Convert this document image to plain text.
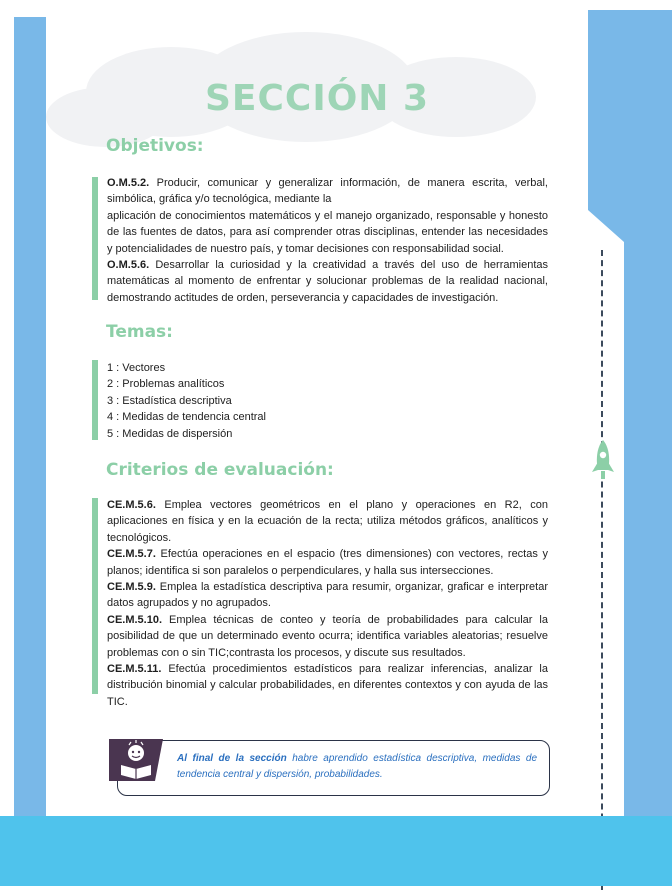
SECCIÓN 3
Objetivos:

O.M.5.2. Producir, comunicar y generalizar información, de manera escrita, verbal, simbólica, gráfica y/o tecnológica, mediante la

aplicación de conocimientos matemáticos y el manejo organizado, responsable y honesto de las fuentes de datos, para así comprender otras disciplinas, entender las necesidades y potencialidades de nuestro país, y tomar decisiones con responsabilidad social.

O.M.5.6. Desarrollar la curiosidad y la creatividad a través del uso de herramientas matemáticas al momento de enfrentar y solucionar problemas de la realidad nacional, demostrando actitudes de orden, perseverancia y capacidades de investigación.

Temas:
1 : Vectores
2 : Problemas analíticos
3 : Estadística descriptiva
4 : Medidas de tendencia central
5 : Medidas de dispersión
Criterios de evaluación:

CE.M.5.6. Emplea vectores geométricos en el plano y operaciones en R2, con aplicaciones en física y en la ecuación de la recta; utiliza métodos gráficos, analíticos y tecnológicos.

CE.M.5.7. Efectúa operaciones en el espacio (tres dimensiones) con vectores, rectas y planos; identifica si son paralelos o perpendiculares, y halla sus intersecciones.

CE.M.5.9. Emplea la estadística descriptiva para resumir, organizar, graficar e interpretar datos agrupados y no agrupados.

CE.M.5.10. Emplea técnicas de conteo y teoría de probabilidades para calcular la posibilidad de que un determinado evento ocurra; identifica variables aleatorias; resuelve problemas con o sin TIC;contrasta los procesos, y discute sus resultados.

CE.M.5.11. Efectúa procedimientos estadísticos para realizar inferencias, analizar la distribución binomial y calcular probabilidades, en diferentes contextos y con ayuda de las TIC.

Al final de la sección habre aprendido estadística descriptiva, medidas de tendencia central y dispersión, probabilidades.
